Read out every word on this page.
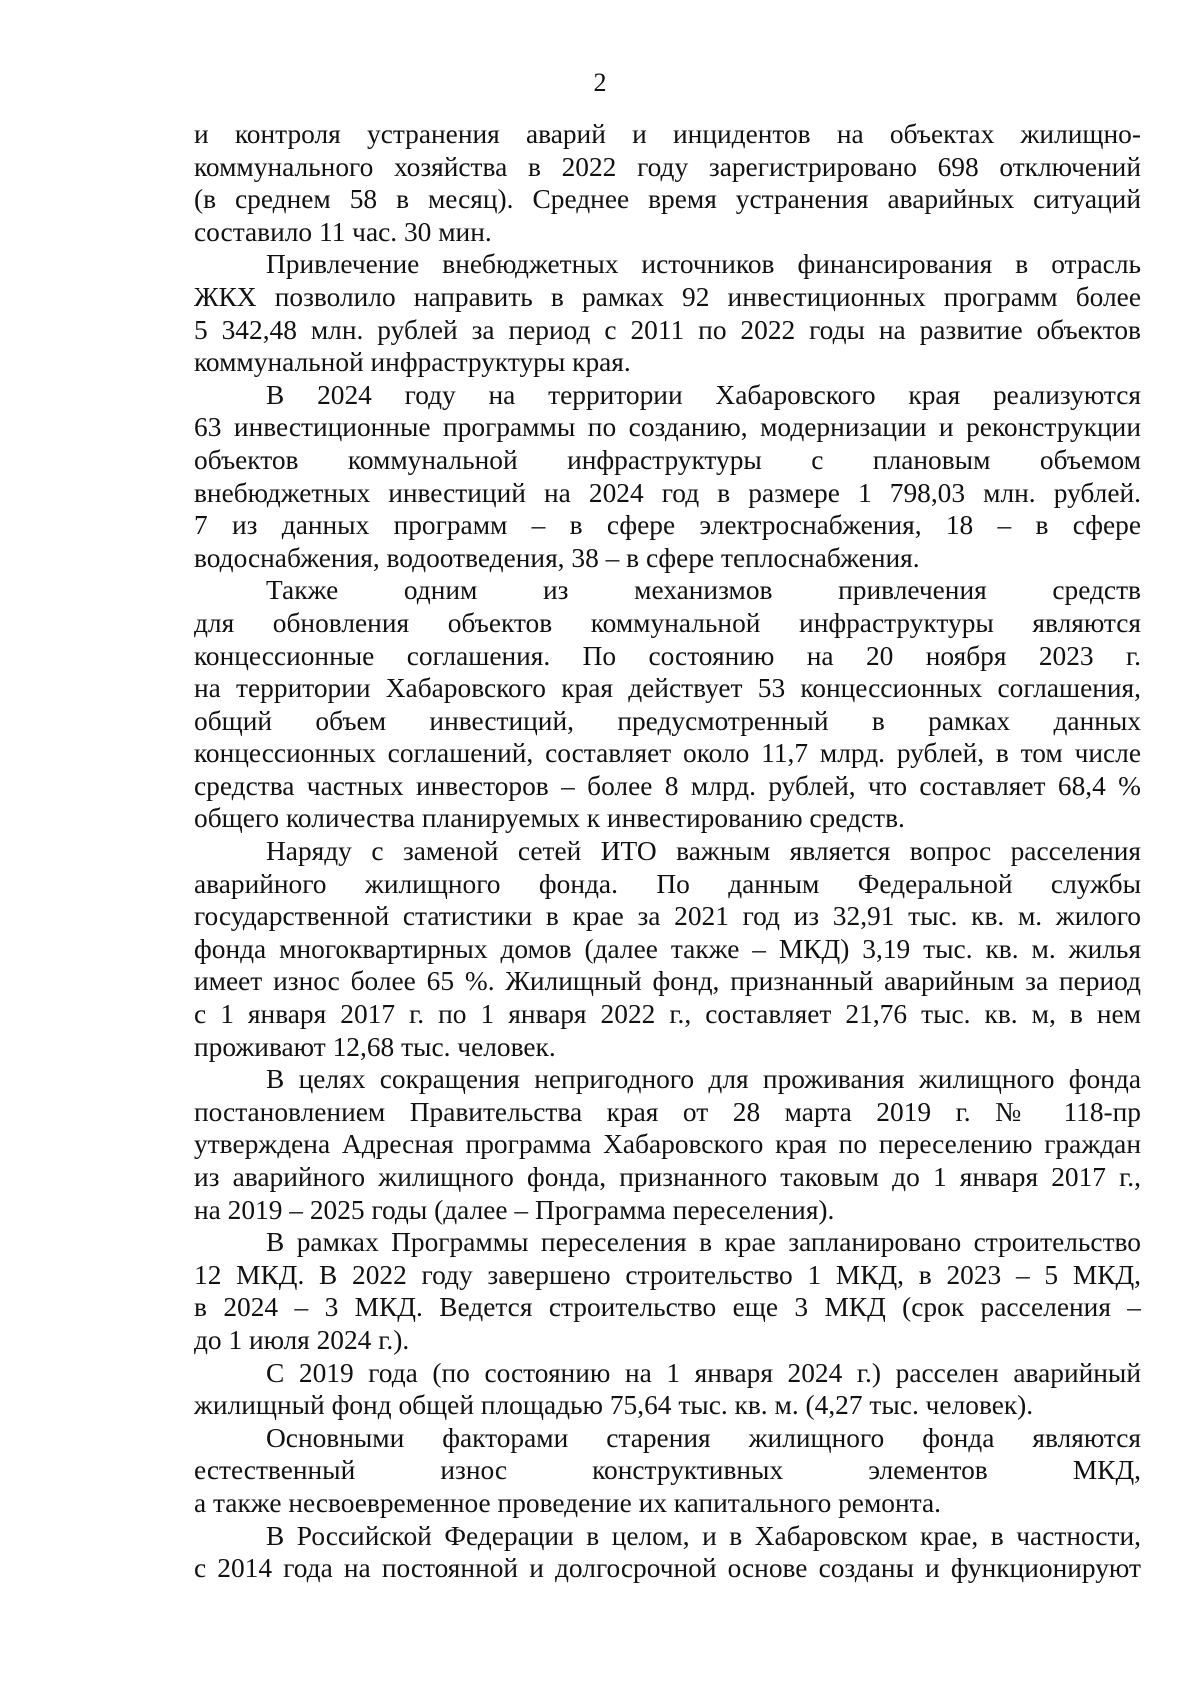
2
и контроля устранения аварий и инцидентов на объектах жилищно-
коммунального хозяйства в 2022 году зарегистрировано 698 отключений
(в среднем 58 в месяц). Среднее время устранения аварийных ситуаций
составило 11 час. 30 мин.
Привлечение внебюджетных источников финансирования в отрасль
ЖКХ позволило направить в рамках 92 инвестиционных программ более
5 342,48 млн. рублей за период с 2011 по 2022 годы на развитие объектов
коммунальной инфраструктуры края.
В 2024 году на территории Хабаровского края реализуются
63 инвестиционные программы по созданию, модернизации и реконструкции
объектов коммунальной инфраструктуры с плановым объемом
внебюджетных инвестиций на 2024 год в размере 1 798,03 млн. рублей.
7 из данных программ – в сфере электроснабжения, 18 – в сфере
водоснабжения, водоотведения, 38 – в сфере теплоснабжения.
Также одним из механизмов привлечения средств
для обновления объектов коммунальной инфраструктуры являются
концессионные соглашения. По состоянию на 20 ноября 2023 г.
на территории Хабаровского края действует 53 концессионных соглашения,
общий объем инвестиций, предусмотренный в рамках данных
концессионных соглашений, составляет около 11,7 млрд. рублей, в том числе
средства частных инвесторов – более 8 млрд. рублей, что составляет 68,4 %
общего количества планируемых к инвестированию средств.
Наряду с заменой сетей ИТО важным является вопрос расселения
аварийного жилищного фонда. По данным Федеральной службы
государственной статистики в крае за 2021 год из 32,91 тыс. кв. м. жилого
фонда многоквартирных домов (далее также – МКД) 3,19 тыс. кв. м. жилья
имеет износ более 65 %. Жилищный фонд, признанный аварийным за период
с 1 января 2017 г. по 1 января 2022 г., составляет 21,76 тыс. кв. м, в нем
проживают 12,68 тыс. человек.
В целях сокращения непригодного для проживания жилищного фонда
постановлением Правительства края от 28 марта 2019 г. № 118-пр
утверждена Адресная программа Хабаровского края по переселению граждан
из аварийного жилищного фонда, признанного таковым до 1 января 2017 г.,
на 2019 – 2025 годы (далее – Программа переселения).
В рамках Программы переселения в крае запланировано строительство
12 МКД. В 2022 году завершено строительство 1 МКД, в 2023 – 5 МКД,
в 2024 – 3 МКД. Ведется строительство еще 3 МКД (срок расселения –
до 1 июля 2024 г.).
С 2019 года (по состоянию на 1 января 2024 г.) расселен аварийный
жилищный фонд общей площадью 75,64 тыс. кв. м. (4,27 тыс. человек).
Основными факторами старения жилищного фонда являются
естественный износ конструктивных элементов МКД,
а также несвоевременное проведение их капитального ремонта.
В Российской Федерации в целом, и в Хабаровском крае, в частности,
с 2014 года на постоянной и долгосрочной основе созданы и функционируют
